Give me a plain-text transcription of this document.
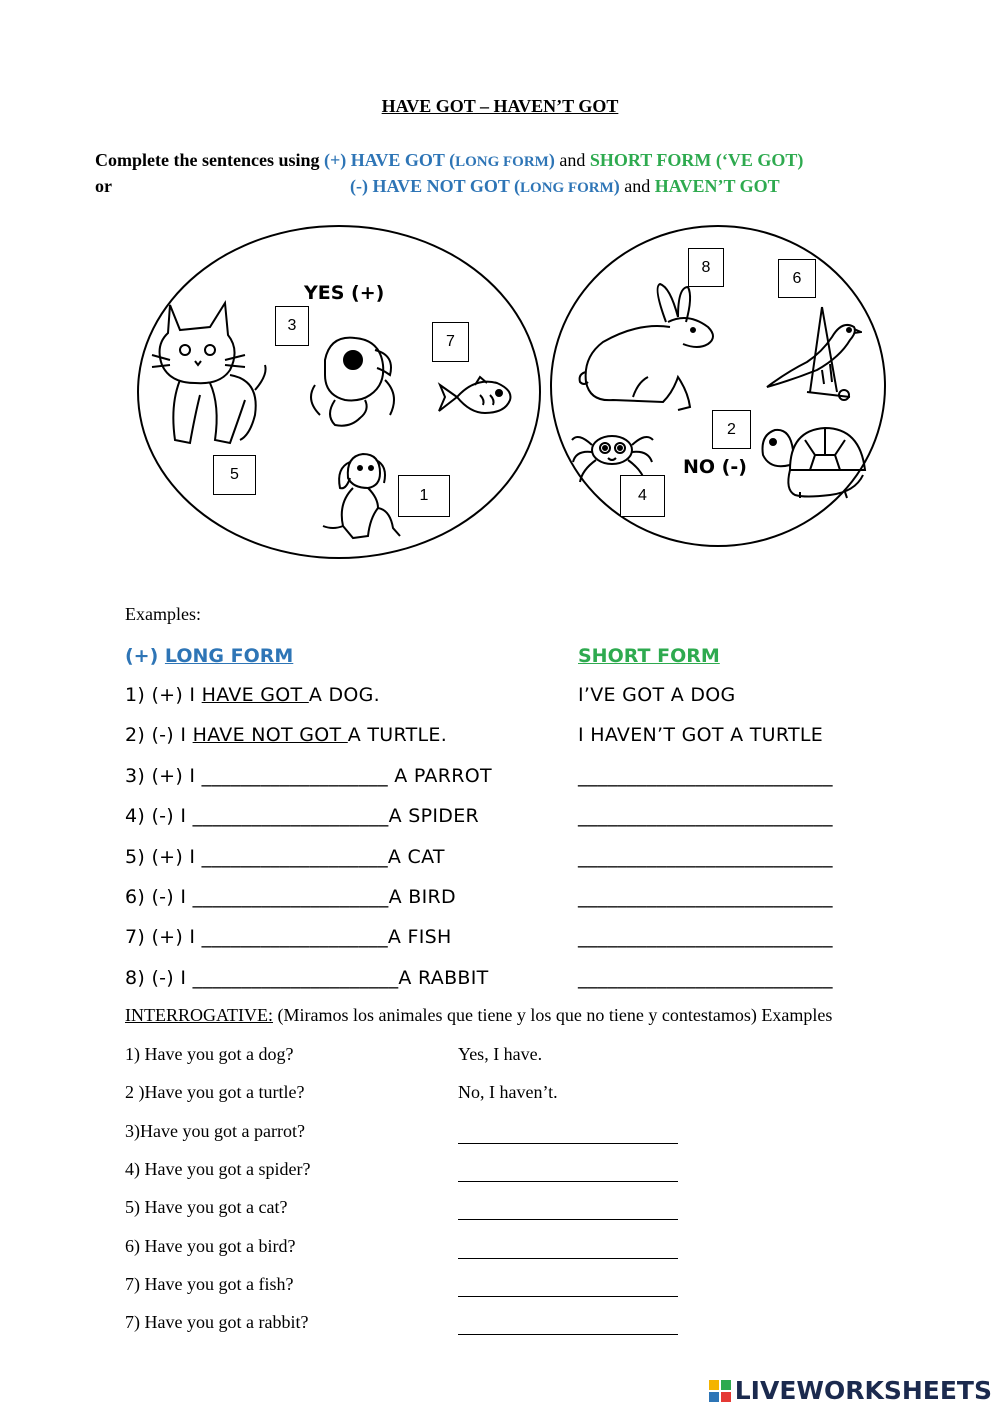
HAVE GOT – HAVEN’T GOT
Complete the sentences using (+) HAVE GOT (LONG FORM) and SHORT FORM (‘VE GOT)
or	(-) HAVE NOT GOT (LONG FORM) and HAVEN’T GOT
YES (+)
3
7
5
1
NO (-)
8
6
2
4
Examples:
(+) LONG FORM	SHORT FORM
1) (+) I HAVE GOT A DOG.	I’VE GOT A DOG
2) (-) I HAVE NOT GOT A TURTLE.	I HAVEN’T GOT A TURTLE
3) (+) I ___________________ A PARROT	__________________________
4) (-) I ____________________A SPIDER	__________________________
5) (+) I ___________________A CAT	__________________________
6) (-) I ____________________A BIRD	__________________________
7) (+) I ___________________A FISH	__________________________
8) (-) I _____________________A RABBIT	__________________________
INTERROGATIVE: (Miramos los animales que tiene y los que no tiene y contestamos) Examples
1) Have you got a dog?	Yes, I have.
2 )Have you got a turtle?	No, I haven’t.
3)Have you got a parrot?
4) Have you got a spider?
5) Have you got a cat?
6) Have you got a bird?
7) Have you got a fish?
7) Have you got a rabbit?
LIVEWORKSHEETS
